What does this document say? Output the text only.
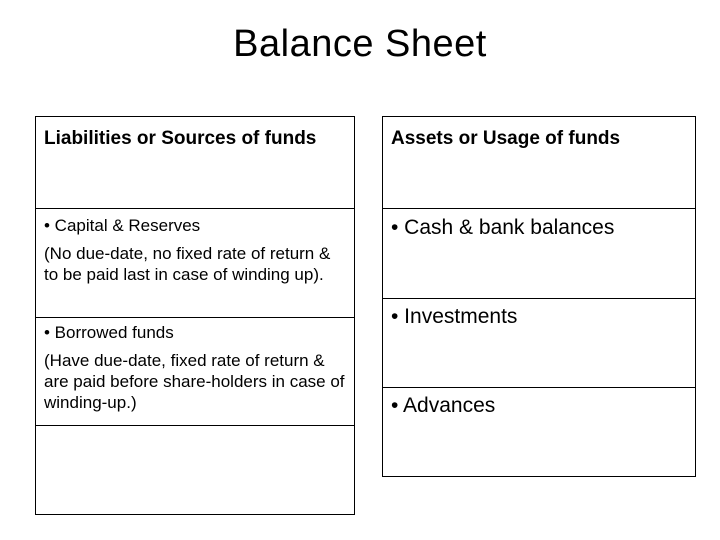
Balance Sheet
Liabilities or Sources of funds
• Capital & Reserves
(No due-date, no fixed rate of return & to be paid last in case of winding up).
• Borrowed funds
(Have due-date, fixed rate of return & are paid before share-holders in case of winding-up.)
Assets or Usage of funds
• Cash & bank balances
• Investments
• Advances
